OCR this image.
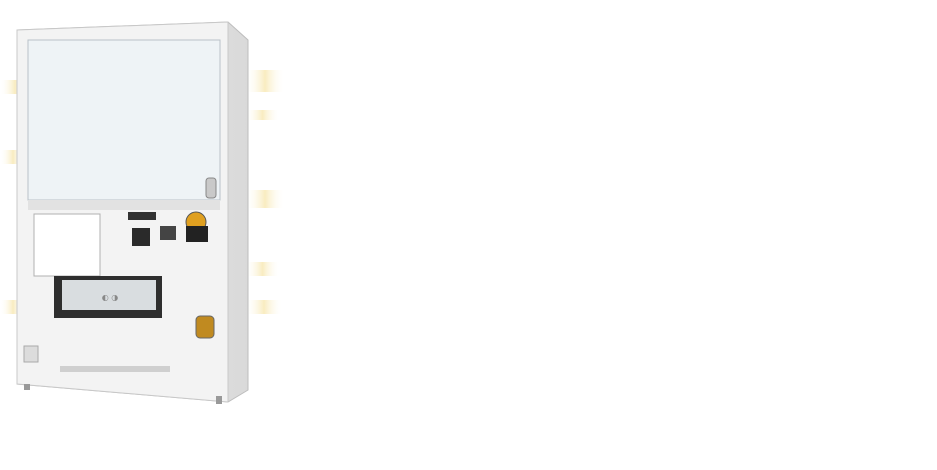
◐ ◑
